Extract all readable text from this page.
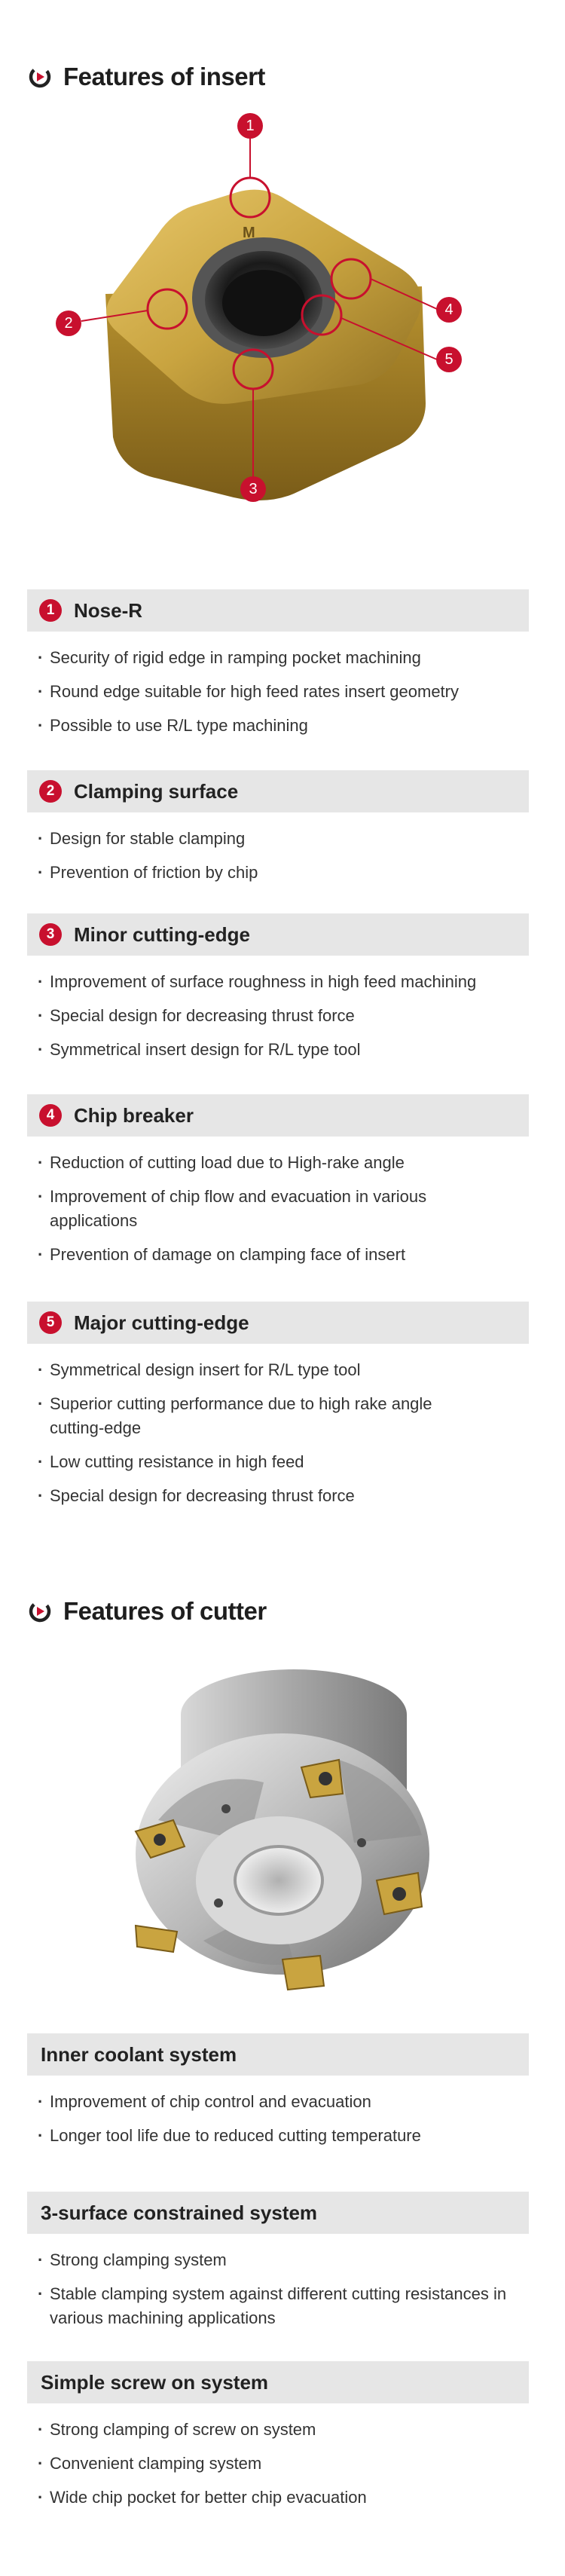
Features of insert
M
1
2
3
4
5
1 Nose-R
· Security of rigid edge in ramping pocket machining
· Round edge suitable for high feed rates insert geometry
· Possible to use R/L type machining
2 Clamping surface
· Design for stable clamping
· Prevention of friction by chip
3 Minor cutting-edge
· Improvement of surface roughness in high feed machining
· Special design for decreasing thrust force
· Symmetrical insert design for R/L type tool
4 Chip breaker
· Reduction of cutting load due to High-rake angle
· Improvement of chip flow and evacuation in various applications
· Prevention of damage on clamping face of insert
5 Major cutting-edge
· Symmetrical design insert for R/L type tool
· Superior cutting performance due to high rake angle cutting-edge
· Low cutting resistance in high feed
· Special design for decreasing thrust force
Features of cutter
Inner coolant system
· Improvement of chip control and evacuation
· Longer tool life due to reduced cutting temperature
3-surface constrained system
· Strong clamping system
· Stable clamping system against different cutting resistances in various machining applications
Simple screw on system
· Strong clamping of screw on system
· Convenient clamping system
· Wide chip pocket for better chip evacuation
